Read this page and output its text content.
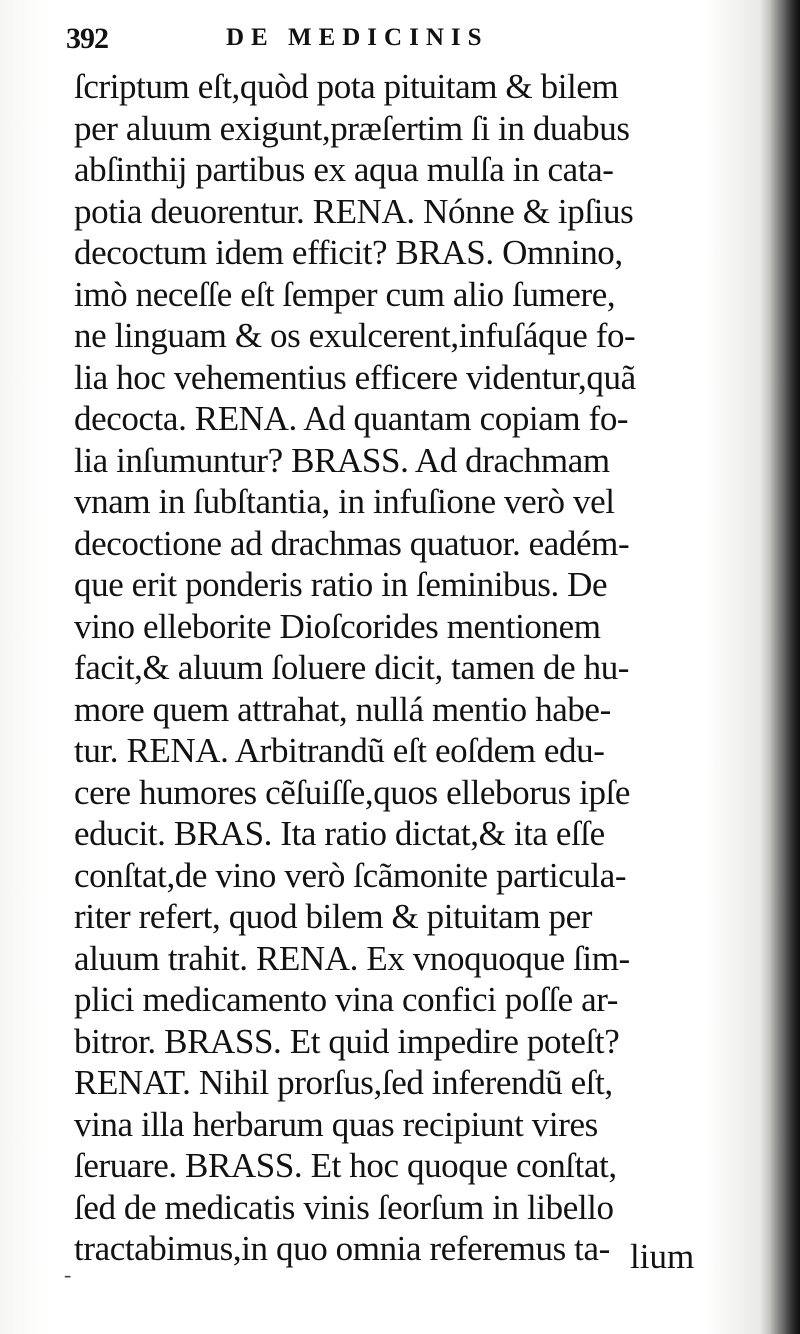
392	DE MEDICINIS
ſcriptum eſt,quòd pota pituitam & bilem
per aluum exigunt,præſertim ſi in duabus
abſinthij partibus ex aqua mulſa in cata-
potia deuorentur. RENA. Nónne & ipſius
decoctum idem efficit? BRAS. Omnino,
imò neceſſe eſt ſemper cum alio ſumere,
ne linguam & os exulcerent,infuſáque fo-
lia hoc vehementius efficere videntur,quã
decocta. RENA. Ad quantam copiam fo-
lia inſumuntur? BRASS. Ad drachmam
vnam in ſubſtantia, in infuſione verò vel
decoctione ad drachmas quatuor. eadém-
que erit ponderis ratio in ſeminibus. De
vino elleborite Dioſcorides mentionem
facit,& aluum ſoluere dicit, tamen de hu-
more quem attrahat, nullá mentio habe-
tur. RENA. Arbitrandũ eſt eoſdem edu-
cere humores cẽſuiſſe,quos elleborus ipſe
educit. BRAS. Ita ratio dictat,& ita eſſe
conſtat,de vino verò ſcãmonite particula-
riter refert, quod bilem & pituitam per
aluum trahit. RENA. Ex vnoquoque ſim-
plici medicamento vina confici poſſe ar-
bitror. BRASS. Et quid impedire poteſt?
RENAT. Nihil prorſus,ſed inferendũ eſt,
vina illa herbarum quas recipiunt vires
ſeruare. BRASS. Et hoc quoque conſtat,
ſed de medicatis vinis ſeorſum in libello
tractabimus,in quo omnia referemus ta- lium
-
